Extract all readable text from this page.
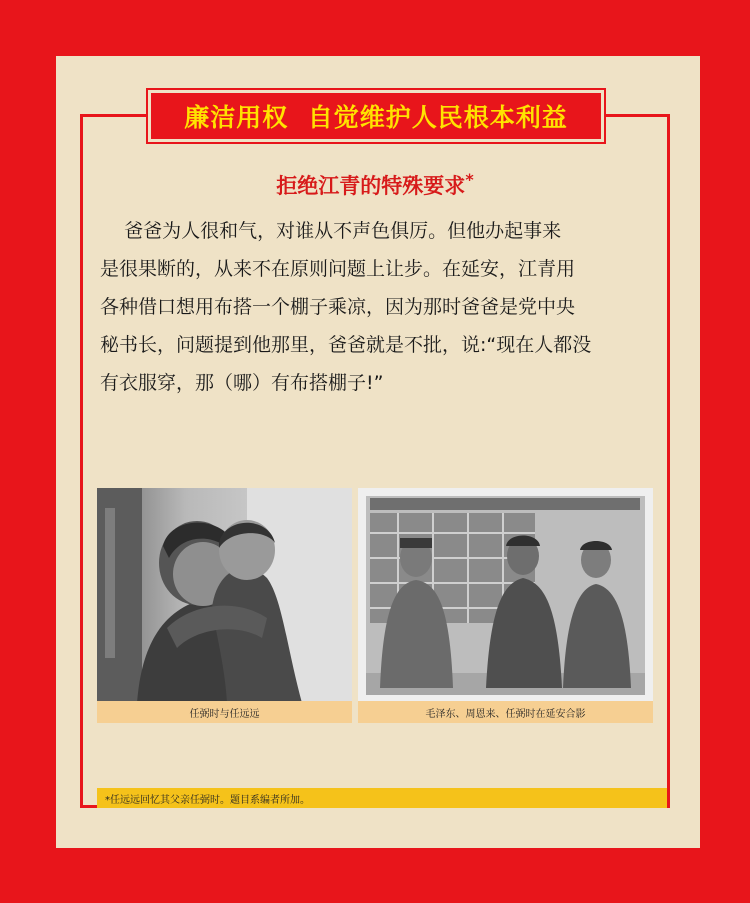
廉洁用权  自觉维护人民根本利益
拒绝江青的特殊要求*
爸爸为人很和气，对谁从不声色俱厉。但他办起事来
是很果断的，从来不在原则问题上让步。在延安，江青用
各种借口想用布搭一个棚子乘凉，因为那时爸爸是党中央
秘书长，问题提到他那里，爸爸就是不批，说:“现在人都没
有衣服穿，那（哪）有布搭棚子!”
任弼时与任远远	毛泽东、周恩来、任弼时在延安合影
*任远远回忆其父亲任弼时。题目系编者所加。
